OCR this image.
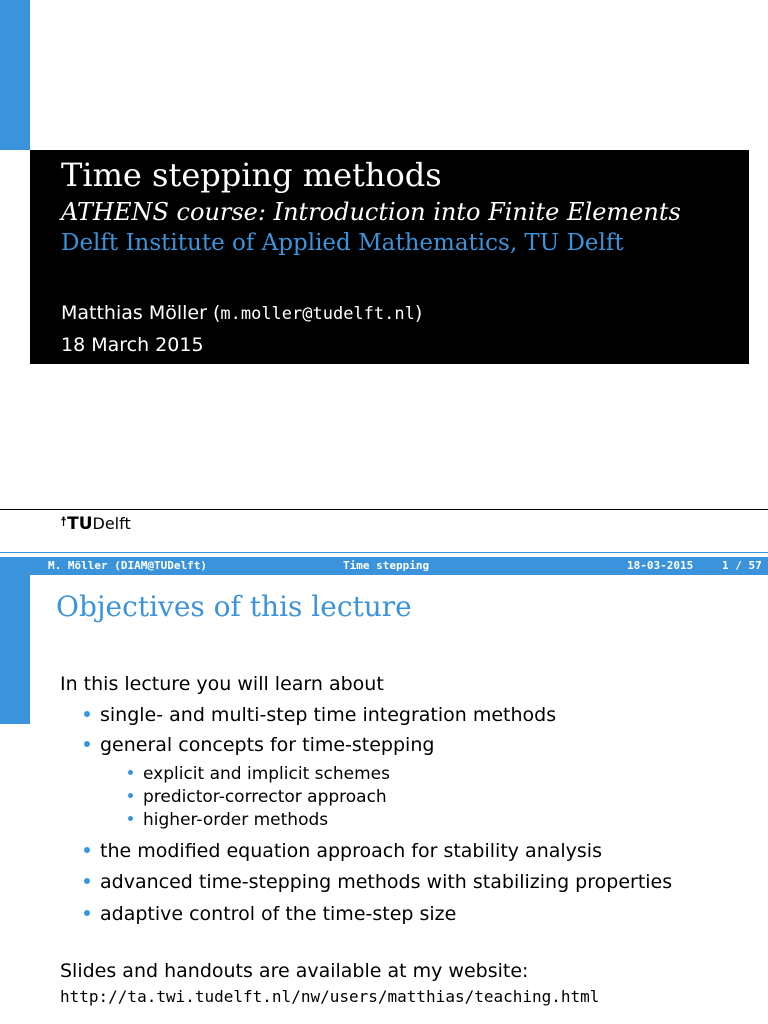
Time stepping methods
ATHENS course: Introduction into Finite Elements
Delft Institute of Applied Mathematics, TU Delft
Matthias Möller (m.moller@tudelft.nl)
18 March 2015
☨TUDelft
M. Möller (DIAM@TUDelft)	Time stepping	18-03-2015	1 / 57
Objectives of this lecture
In this lecture you will learn about
single- and multi-step time integration methods
general concepts for time-stepping
explicit and implicit schemes
predictor-corrector approach
higher-order methods
the modified equation approach for stability analysis
advanced time-stepping methods with stabilizing properties
adaptive control of the time-step size
Slides and handouts are available at my website:
http://ta.twi.tudelft.nl/nw/users/matthias/teaching.html
